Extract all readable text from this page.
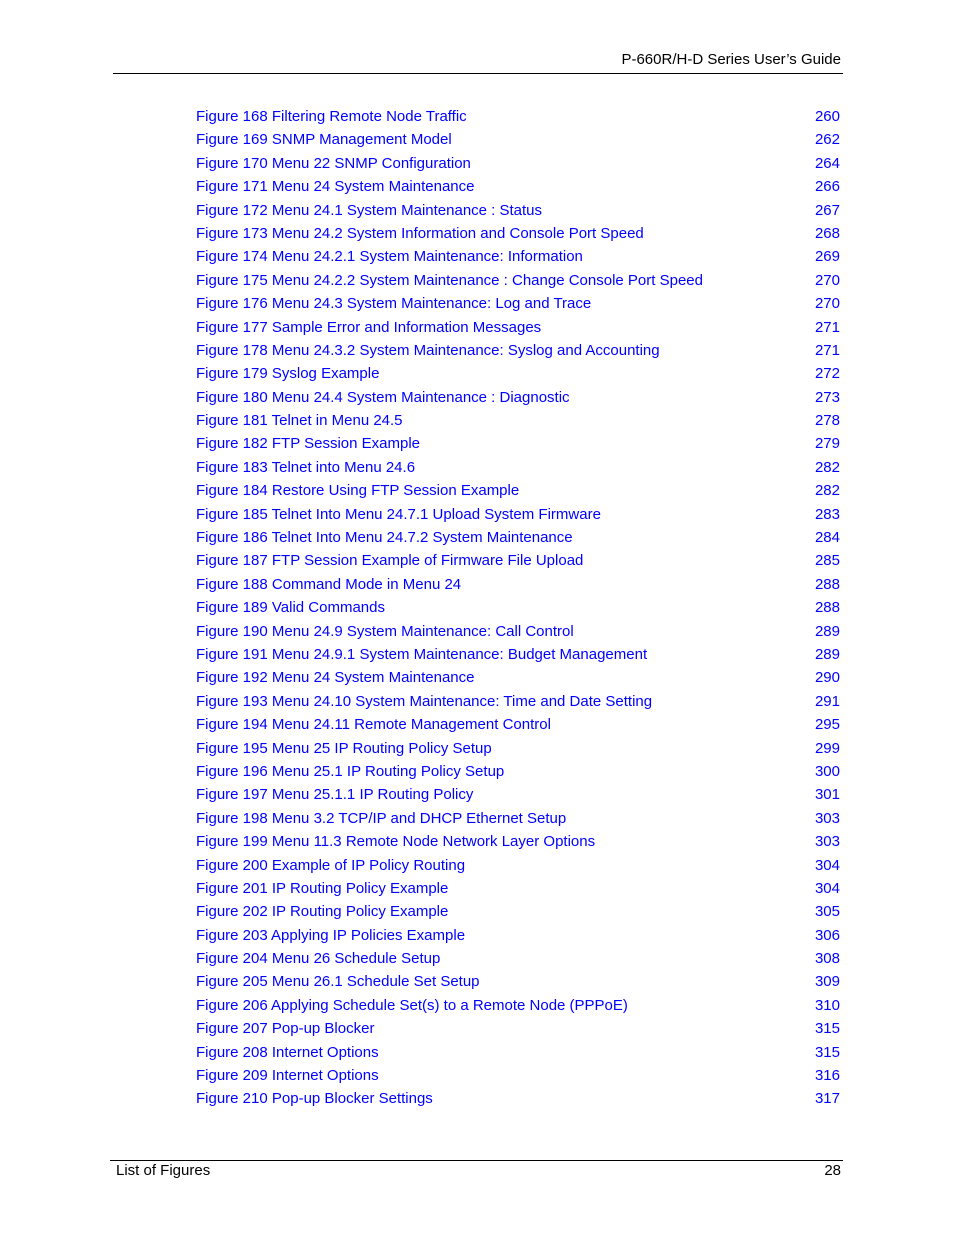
P-660R/H-D Series User’s Guide
Figure 168 Filtering Remote Node Traffic	260
Figure 169 SNMP Management Model	262
Figure 170 Menu 22 SNMP Configuration	264
Figure 171 Menu 24 System Maintenance	266
Figure 172 Menu 24.1 System Maintenance : Status	267
Figure 173 Menu 24.2 System Information and Console Port Speed	268
Figure 174 Menu 24.2.1 System Maintenance: Information	269
Figure 175 Menu 24.2.2 System Maintenance : Change Console Port Speed	270
Figure 176 Menu 24.3 System Maintenance: Log and Trace	270
Figure 177 Sample Error and Information Messages	271
Figure 178 Menu 24.3.2 System Maintenance: Syslog and Accounting	271
Figure 179 Syslog Example	272
Figure 180 Menu 24.4 System Maintenance : Diagnostic	273
Figure 181 Telnet in Menu 24.5	278
Figure 182 FTP Session Example	279
Figure 183 Telnet into Menu 24.6	282
Figure 184 Restore Using FTP Session Example	282
Figure 185 Telnet Into Menu 24.7.1 Upload System Firmware	283
Figure 186 Telnet Into Menu 24.7.2 System Maintenance	284
Figure 187 FTP Session Example of Firmware File Upload	285
Figure 188 Command Mode in Menu 24	288
Figure 189 Valid Commands	288
Figure 190 Menu 24.9 System Maintenance: Call Control	289
Figure 191 Menu 24.9.1 System Maintenance: Budget Management	289
Figure 192 Menu 24 System Maintenance	290
Figure 193 Menu 24.10 System Maintenance: Time and Date Setting	291
Figure 194 Menu 24.11 Remote Management Control	295
Figure 195 Menu 25 IP Routing Policy Setup	299
Figure 196 Menu 25.1 IP Routing Policy Setup	300
Figure 197 Menu 25.1.1 IP Routing Policy	301
Figure 198 Menu 3.2 TCP/IP and DHCP Ethernet Setup	303
Figure 199 Menu 11.3 Remote Node Network Layer Options	303
Figure 200 Example of IP Policy Routing	304
Figure 201 IP Routing Policy Example	304
Figure 202 IP Routing Policy Example	305
Figure 203 Applying IP Policies Example	306
Figure 204 Menu 26 Schedule Setup	308
Figure 205 Menu 26.1 Schedule Set Setup	309
Figure 206 Applying Schedule Set(s) to a Remote Node (PPPoE)	310
Figure 207 Pop-up Blocker	315
Figure 208 Internet Options	315
Figure 209 Internet Options	316
Figure 210 Pop-up Blocker Settings	317
List of Figures	28
